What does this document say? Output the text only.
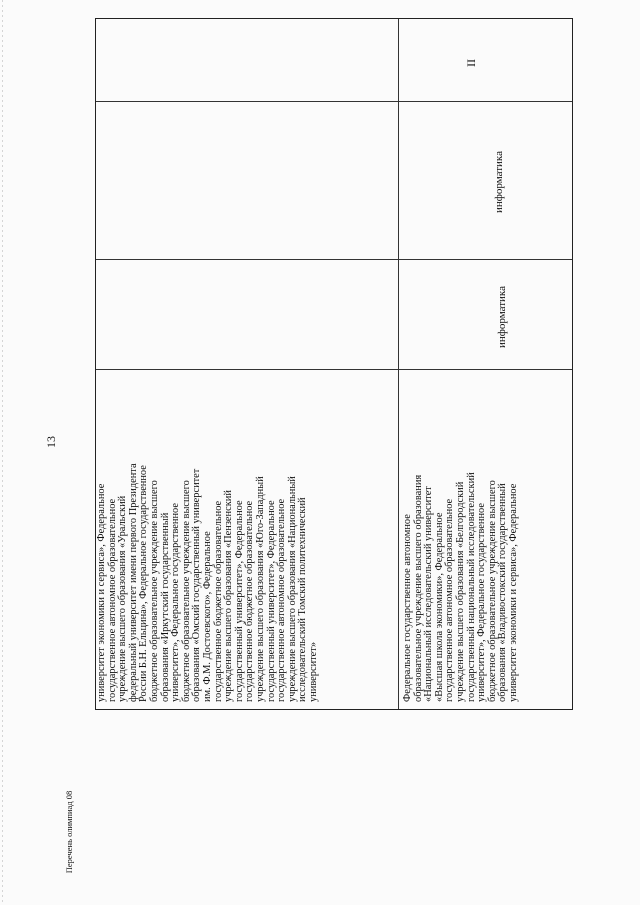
13
Перечень олимпиад 08
университет экономики и сервиса», Федеральное государственное автономное образовательное учреждение высшего образования «Уральский федеральный университет имени первого Президента России Б.Н. Ельцина», Федеральное государственное бюджетное образовательное учреждение высшего образования «Иркутский государственный университет», Федеральное государственное бюджетное образовательное учреждение высшего образования «Омский государственный университет им. Ф.М. Достоевского», Федеральное государственное бюджетное образовательное учреждение высшего образования «Пензенский государственный университет», Федеральное государственное бюджетное образовательное учреждение высшего образования «Юго-Западный государственный университет», Федеральное государственное автономное образовательное учреждение высшего образования «Национальный исследовательский Томский политехнический университет»	Федеральное государственное автономное образовательное учреждение высшего образования «Национальный исследовательский университет «Высшая школа экономики», Федеральное государственное автономное образовательное учреждение высшего образования «Белгородский государственный национальный исследовательский университет», Федеральное государственное бюджетное образовательное учреждение высшего образования «Владивостокский государственный университет экономики и сервиса», Федеральное
информатика
информатика
II
